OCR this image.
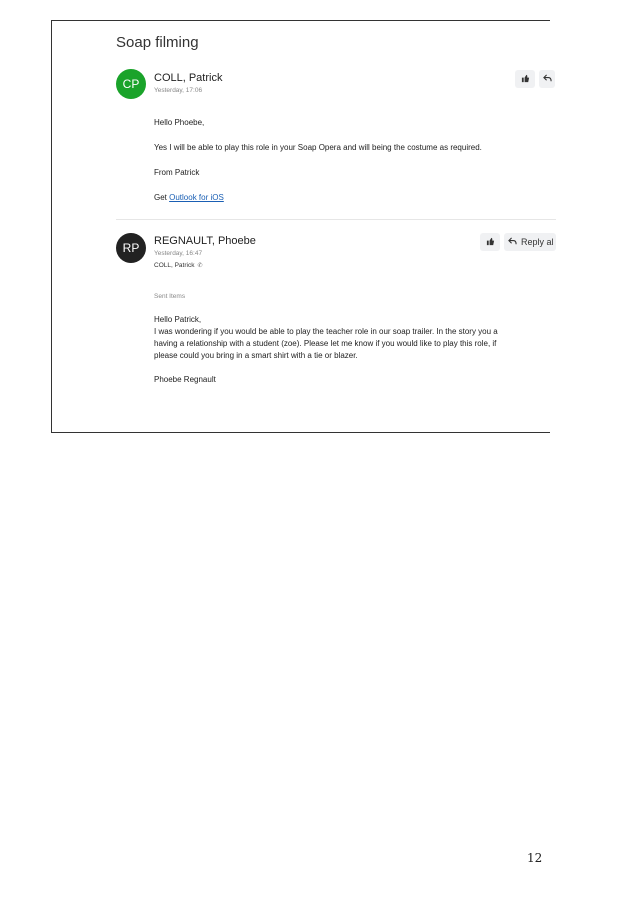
Soap filming
CP	COLL, Patrick
Yesterday, 17:06
Hello Phoebe,
Yes I will be able to play this role in your Soap Opera and will being the costume as required.
From Patrick
Get Outlook for iOS
RP	REGNAULT, Phoebe
Yesterday, 16:47
COLL, Patrick ✆
Reply al
Sent Items
Hello Patrick,
I was wondering if you would be able to play the teacher role in our soap trailer. In the story you a
having a relationship with a student (zoe). Please let me know if you would like to play this role, if
please could you bring in a smart shirt with a tie or blazer.
Phoebe Regnault
12
